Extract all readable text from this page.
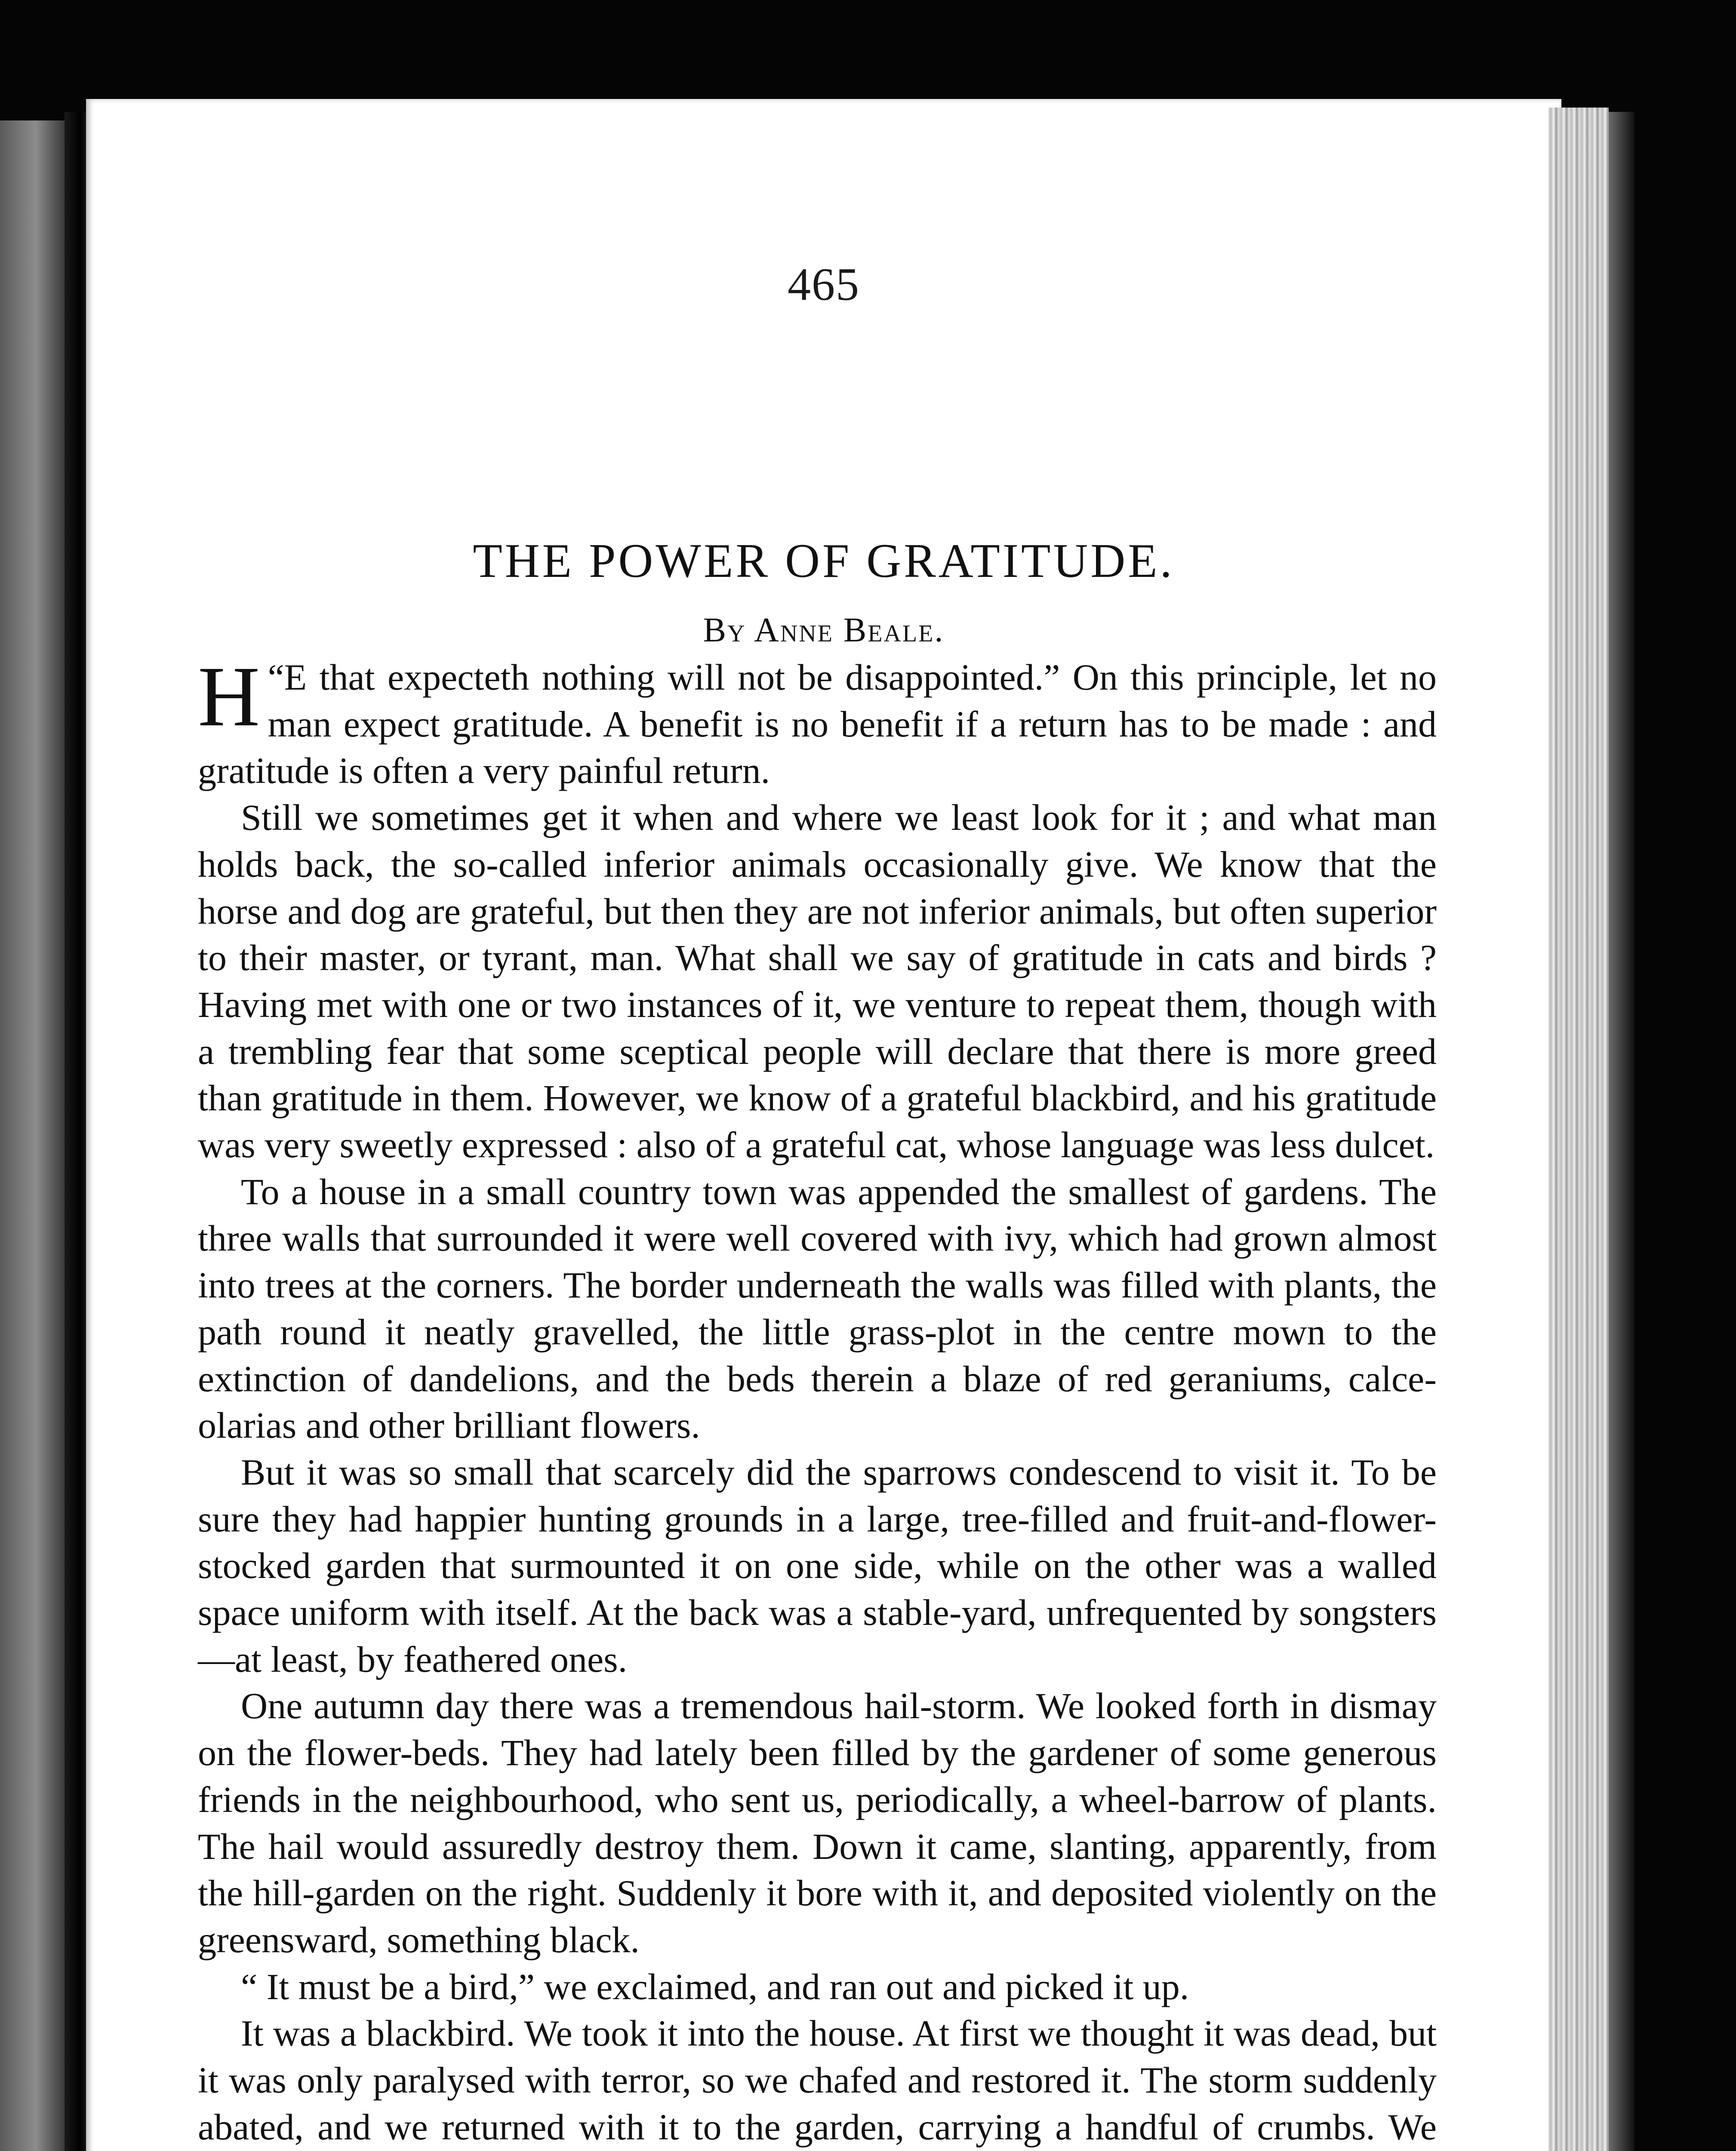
465
THE POWER OF GRATITUDE.
By Anne Beale.

“
H E that expecteth nothing will not be disappointed.” On this principle, let no man expect gratitude. A benefit is no benefit if a return has to be made : and gratitude is often a very painful return.

Still we sometimes get it when and where we least look for it ; and what man holds back, the so-called inferior animals occasionally give. We know that the horse and dog are grateful, but then they are not inferior animals, but often superior to their master, or tyrant, man. What shall we say of gratitude in cats and birds ? Having met with one or two instances of it, we venture to repeat them, though with a trembling fear that some sceptical people will declare that there is more greed than gratitude in them. However, we know of a grateful blackbird, and his gratitude was very sweetly expressed : also of a grateful cat, whose language was less dulcet.

To a house in a small country town was appended the smallest of gardens. The three walls that surrounded it were well covered with ivy, which had grown almost into trees at the corners. The border underneath the walls was filled with plants, the path round it neatly gravelled, the little grass-plot in the centre mown to the extinction of dandelions, and the beds therein a blaze of red geraniums, calce-olarias and other brilliant flowers.

But it was so small that scarcely did the sparrows condescend to visit it. To be sure they had happier hunting grounds in a large, tree-filled and fruit-and-flower-stocked garden that surmounted it on one side, while on the other was a walled space uniform with itself. At the back was a stable-yard, unfrequented by songsters—at least, by feathered ones.

One autumn day there was a tremendous hail-storm. We looked forth in dismay on the flower-beds. They had lately been filled by the gardener of some generous friends in the neighbourhood, who sent us, periodically, a wheel-barrow of plants. The hail would assuredly destroy them. Down it came, slanting, apparently, from the hill-garden on the right. Suddenly it bore with it, and deposited violently on the greensward, something black.

“ It must be a bird,” we exclaimed, and ran out and picked it up.

It was a blackbird. We took it into the house. At first we thought it was dead, but it was only paralysed with terror, so we chafed and restored it. The storm suddenly abated, and we returned with it to the garden, carrying a handful of crumbs. We
